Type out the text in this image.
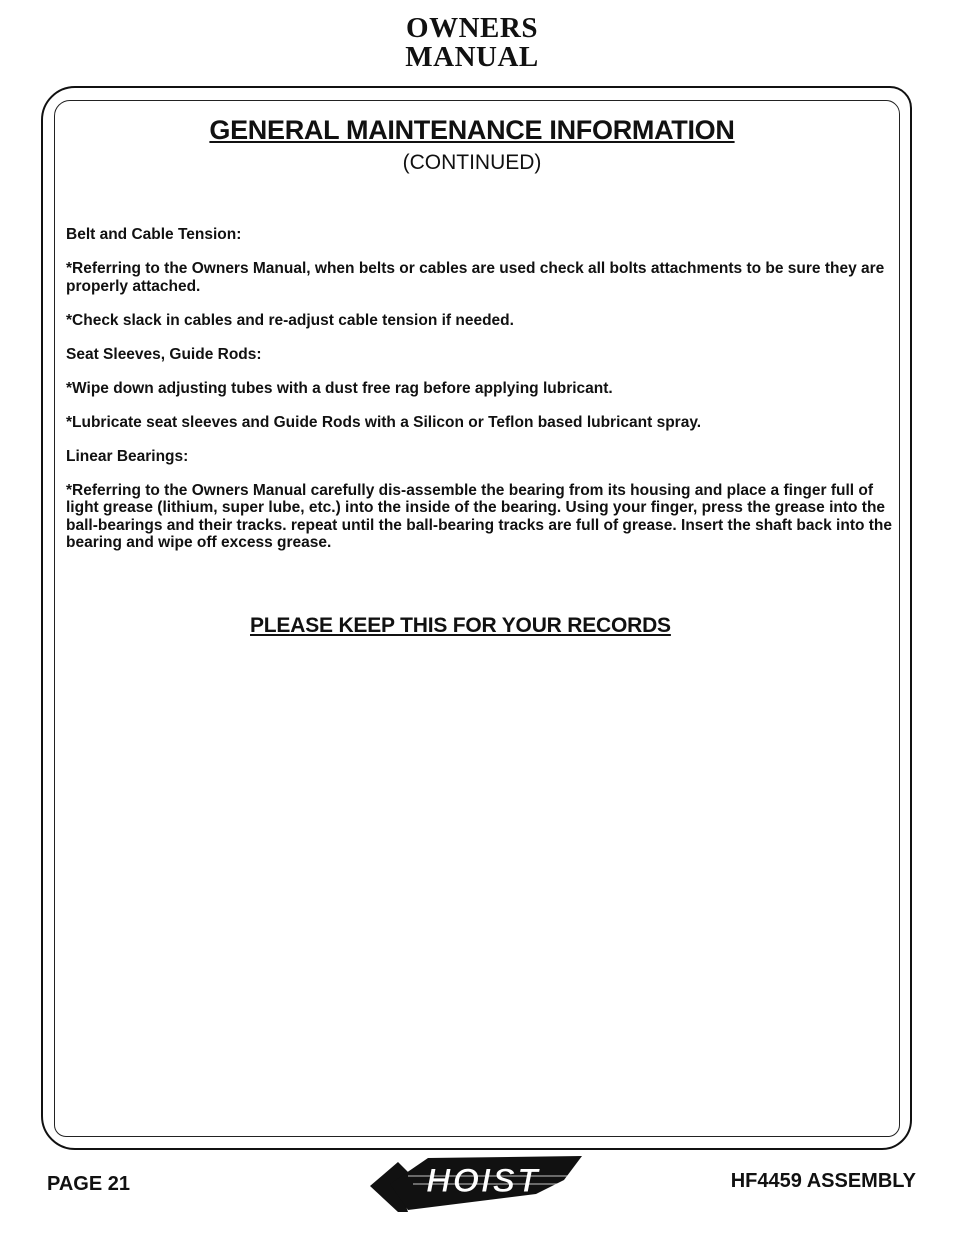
OWNERS
MANUAL
GENERAL MAINTENANCE INFORMATION
(CONTINUED)

Belt and Cable Tension:

*Referring to the Owners Manual, when belts or cables are used check all bolts attachments to be sure they are properly attached.

*Check slack in cables and re-adjust cable tension if needed.

Seat Sleeves, Guide Rods:

*Wipe down adjusting tubes with a dust free rag before applying lubricant.

*Lubricate seat sleeves and Guide Rods with a Silicon or Teflon based lubricant spray.

Linear Bearings:

*Referring to the Owners Manual carefully dis-assemble the bearing from its housing and place a finger full of light grease (lithium, super lube, etc.) into the inside of the bearing. Using your finger, press the grease into the ball-bearings and their tracks. repeat until the ball-bearing tracks are full of grease. Insert the shaft back into the bearing and wipe off excess grease.

PLEASE KEEP THIS FOR YOUR RECORDS
PAGE 21	HOIST	HF4459 ASSEMBLY
